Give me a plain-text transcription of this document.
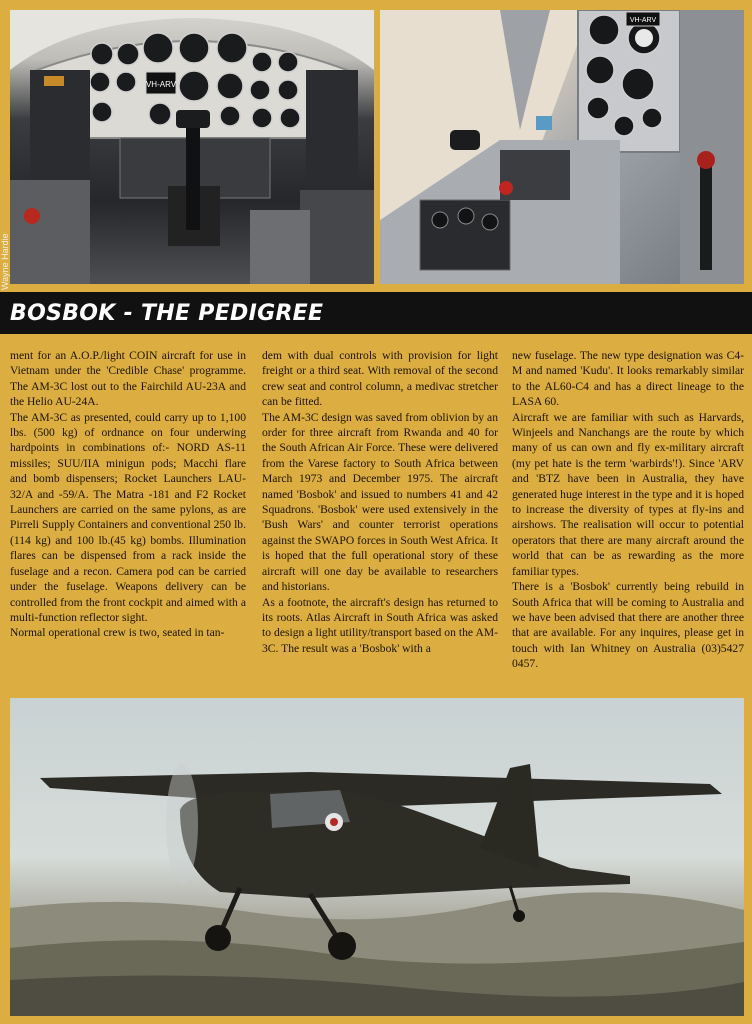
VH-ARV
VH-ARV
Wayne Hardie
BOSBOK - THE PEDIGREE

ment for an A.O.P./light COIN aircraft for use in Vietnam under the 'Credible Chase' programme. The AM-3C lost out to the Fairchild AU-23A and the Helio AU-24A.

The AM-3C as presented, could carry up to 1,100 lbs. (500 kg) of ordnance on four underwing hardpoints in combinations of:- NORD AS-11 missiles; SUU/IIA minigun pods; Macchi flare and bomb dispensers; Rocket Launchers LAU-32/A and -59/A. The Matra -181 and F2 Rocket Launchers are carried on the same pylons, as are Pirreli Supply Containers and conventional 250 lb. (114 kg) and 100 lb.(45 kg) bombs. Illumination flares can be dispensed from a rack inside the fuselage and a recon. Camera pod can be carried under the fuselage. Weapons delivery can be controlled from the front cockpit and aimed with a multi-function reflector sight.

Normal operational crew is two, seated in tan-

dem with dual controls with provision for light freight or a third seat. With removal of the second crew seat and control column, a medivac stretcher can be fitted.

The AM-3C design was saved from oblivion by an order for three aircraft from Rwanda and 40 for the South African Air Force. These were delivered from the Varese factory to South Africa between March 1973 and December 1975. The aircraft named 'Bosbok' and issued to numbers 41 and 42 Squadrons. 'Bosbok' were used extensively in the 'Bush Wars' and counter terrorist operations against the SWAPO forces in South West Africa. It is hoped that the full operational story of these aircraft will one day be available to researchers and historians.

As a footnote, the aircraft's design has returned to its roots. Atlas Aircraft in South Africa was asked to design a light utility/transport based on the AM-3C. The result was a 'Bosbok' with a

new fuselage. The new type designation was C4-M and named 'Kudu'. It looks remarkably similar to the AL60-C4 and has a direct lineage to the LASA 60.

Aircraft we are familiar with such as Harvards, Winjeels and Nanchangs are the route by which many of us can own and fly ex-military aircraft (my pet hate is the term 'warbirds'!). Since 'ARV and 'BTZ have been in Australia, they have generated huge interest in the type and it is hoped to increase the diversity of types at fly-ins and airshows. The realisation will occur to potential operators that there are many aircraft around the world that can be as rewarding as the more familiar types.

There is a 'Bosbok' currently being rebuild in South Africa that will be coming to Australia and we have been advised that there are another three that are available. For any inquires, please get in touch with Ian Whitney on Australia (03)5427 0457.
